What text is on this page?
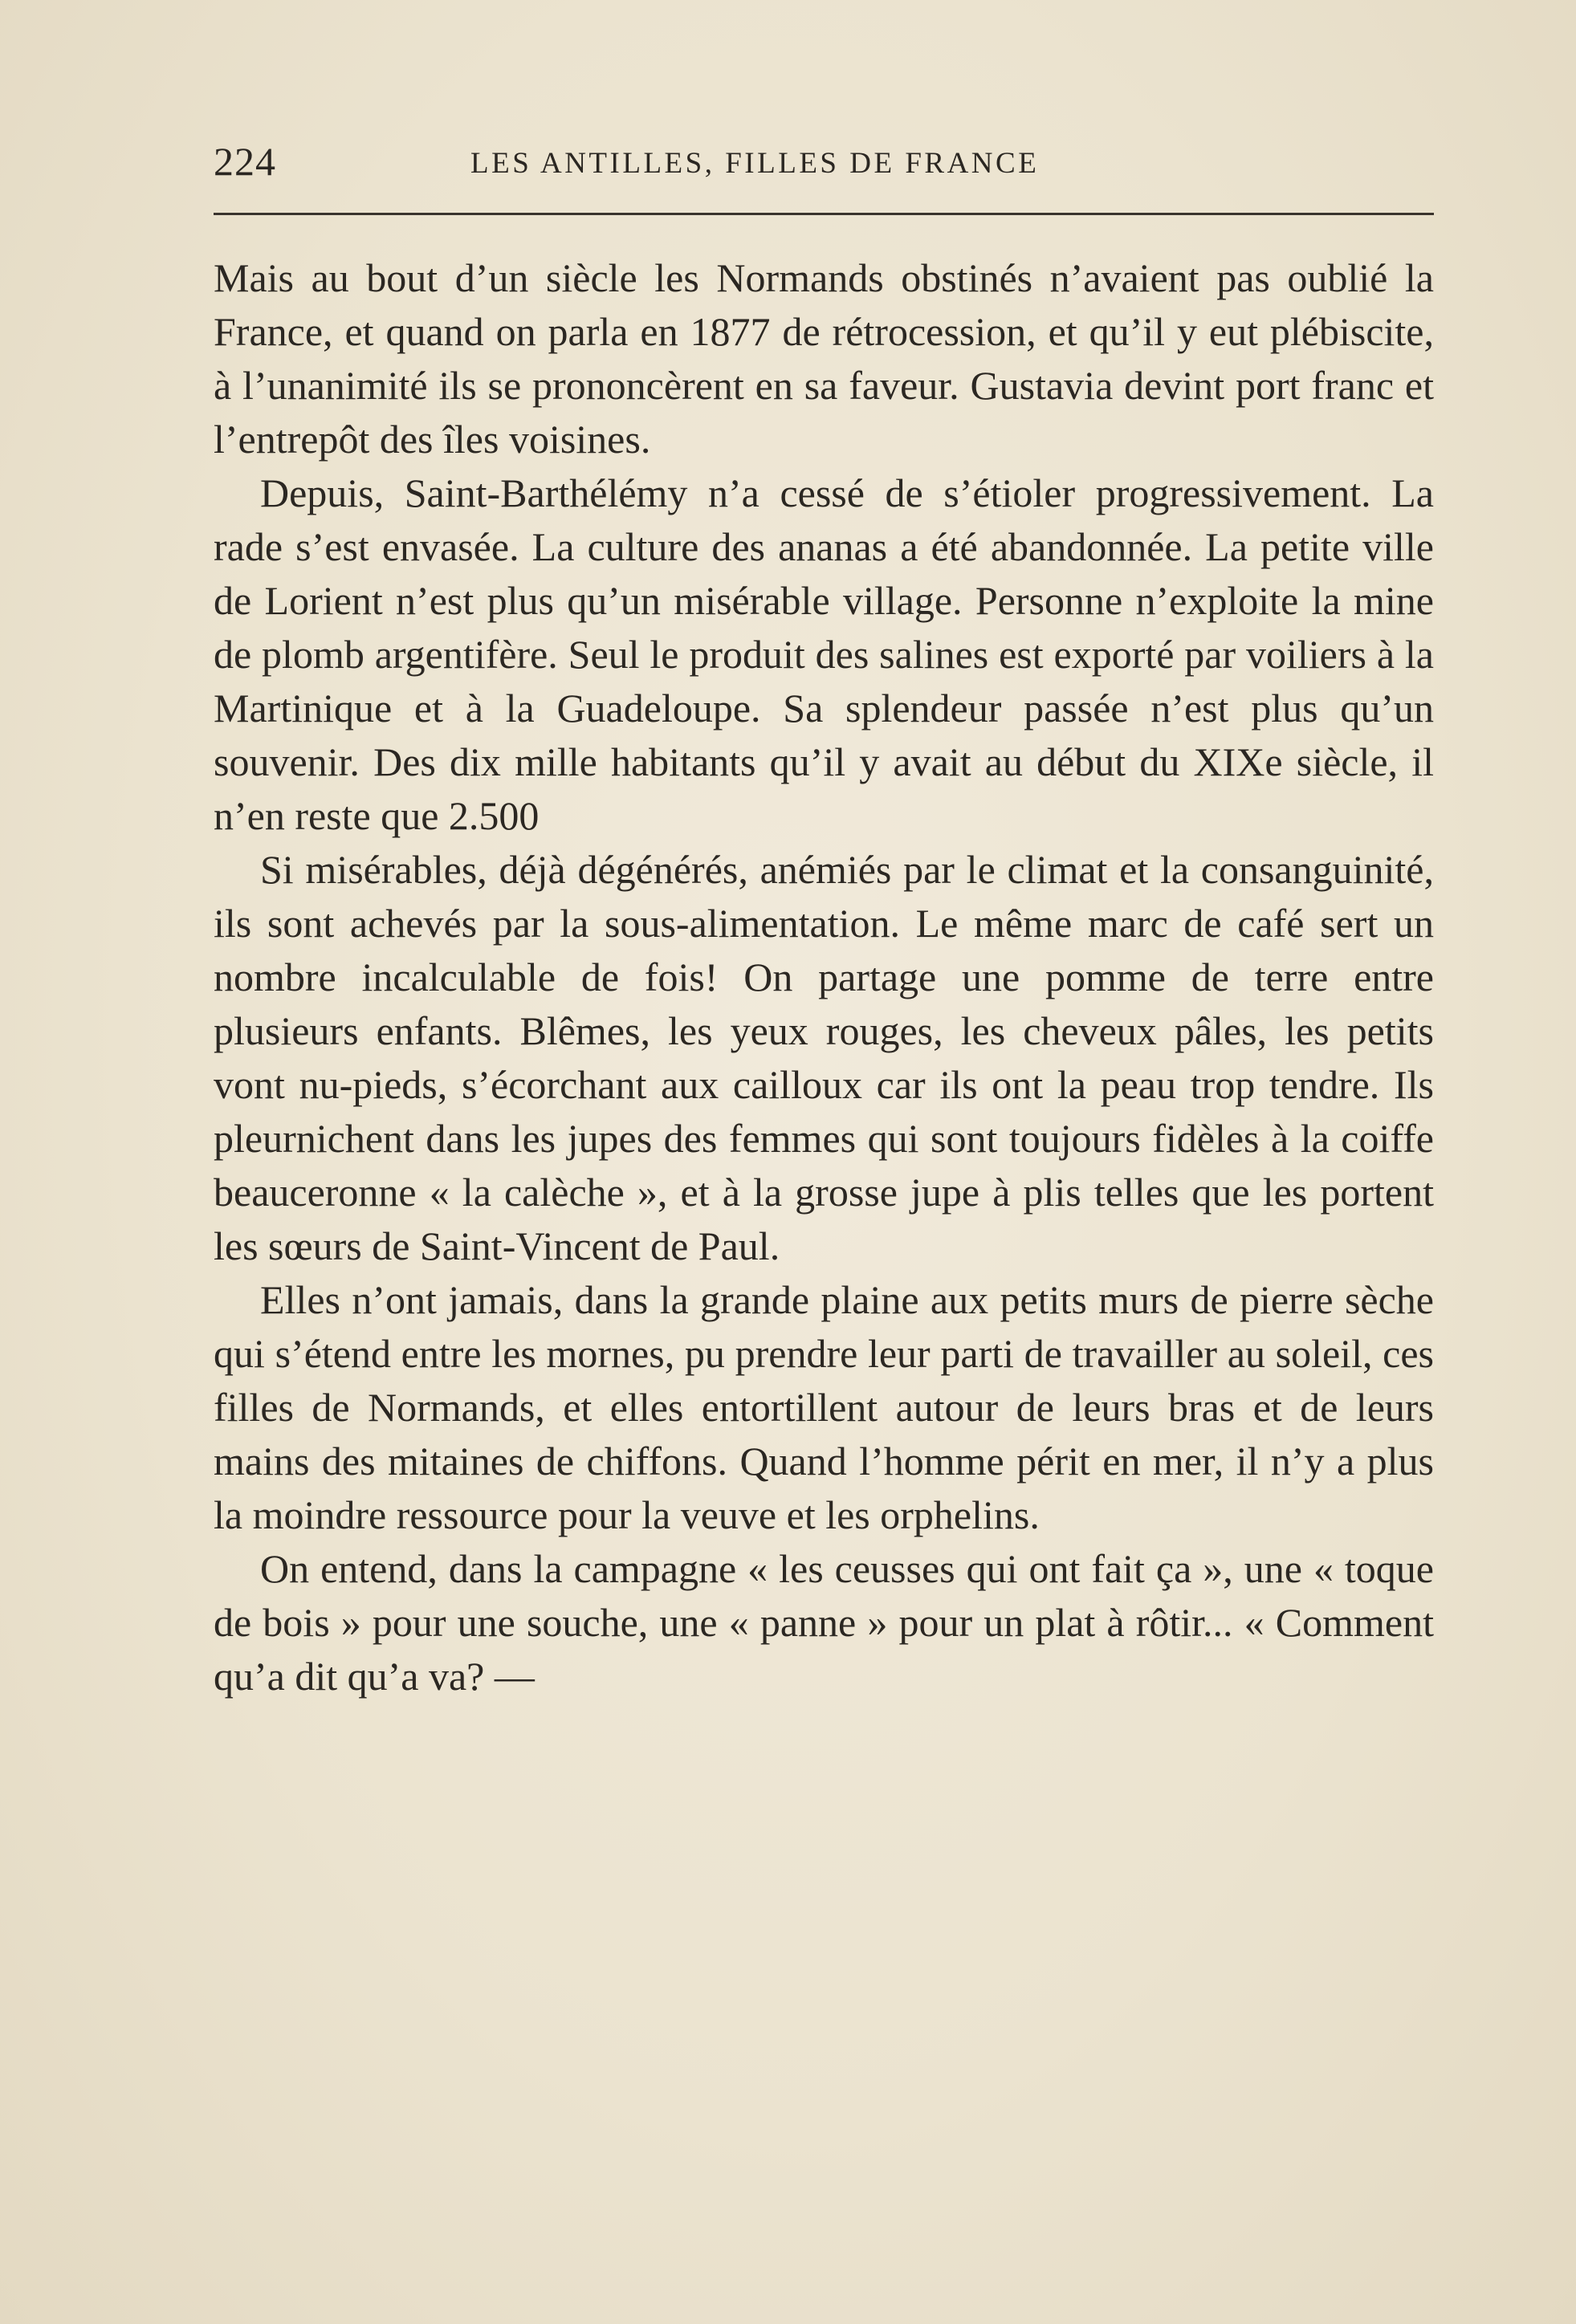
224	LES ANTILLES, FILLES DE FRANCE

Mais au bout d’un siècle les Normands obstinés n’avaient pas oublié la France, et quand on parla en 1877 de rétrocession, et qu’il y eut plébiscite, à l’unanimité ils se prononcèrent en sa faveur. Gustavia devint port franc et l’entrepôt des îles voisines.

Depuis, Saint-Barthélémy n’a cessé de s’étioler progressivement. La rade s’est envasée. La culture des ananas a été abandonnée. La petite ville de Lorient n’est plus qu’un misérable village. Personne n’exploite la mine de plomb argentifère. Seul le produit des salines est exporté par voiliers à la Martinique et à la Guadeloupe. Sa splendeur passée n’est plus qu’un souvenir. Des dix mille habitants qu’il y avait au début du XIXe siècle, il n’en reste que 2.500

Si misérables, déjà dégénérés, anémiés par le climat et la consanguinité, ils sont achevés par la sous-alimentation. Le même marc de café sert un nombre incalculable de fois! On partage une pomme de terre entre plusieurs enfants. Blêmes, les yeux rouges, les cheveux pâles, les petits vont nu-pieds, s’écorchant aux cailloux car ils ont la peau trop tendre. Ils pleurnichent dans les jupes des femmes qui sont toujours fidèles à la coiffe beauceronne « la calèche », et à la grosse jupe à plis telles que les portent les sœurs de Saint-Vincent de Paul.

Elles n’ont jamais, dans la grande plaine aux petits murs de pierre sèche qui s’étend entre les mornes, pu prendre leur parti de travailler au soleil, ces filles de Normands, et elles entortillent autour de leurs bras et de leurs mains des mitaines de chiffons. Quand l’homme périt en mer, il n’y a plus la moindre ressource pour la veuve et les orphelins.

On entend, dans la campagne « les ceusses qui ont fait ça », une « toque de bois » pour une souche, une « panne » pour un plat à rôtir... « Comment qu’a dit qu’a va? —
